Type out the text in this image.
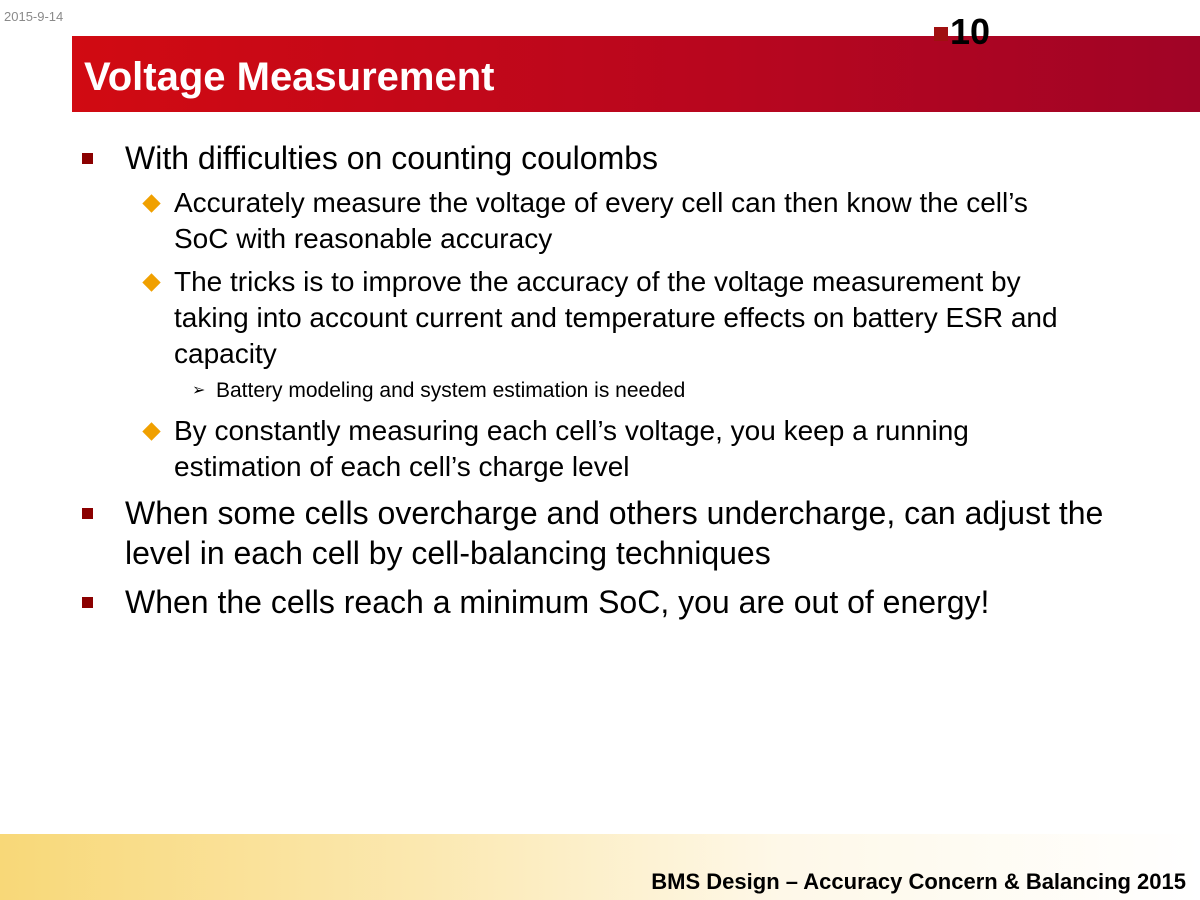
2015-9-14
Voltage Measurement
10
With difficulties on counting coulombs
Accurately measure the voltage of every cell can then know the cell’s
SoC with reasonable accuracy
The tricks is to improve the accuracy of the voltage measurement by
taking into account current and temperature effects on battery ESR and
capacity
➢ Battery modeling and system estimation is needed
By constantly measuring each cell’s voltage, you keep a running
estimation of each cell’s charge level
When some cells overcharge and others undercharge, can adjust the
level in each cell by cell-balancing techniques
When the cells reach a minimum SoC, you are out of energy!
BMS Design – Accuracy Concern & Balancing 2015
